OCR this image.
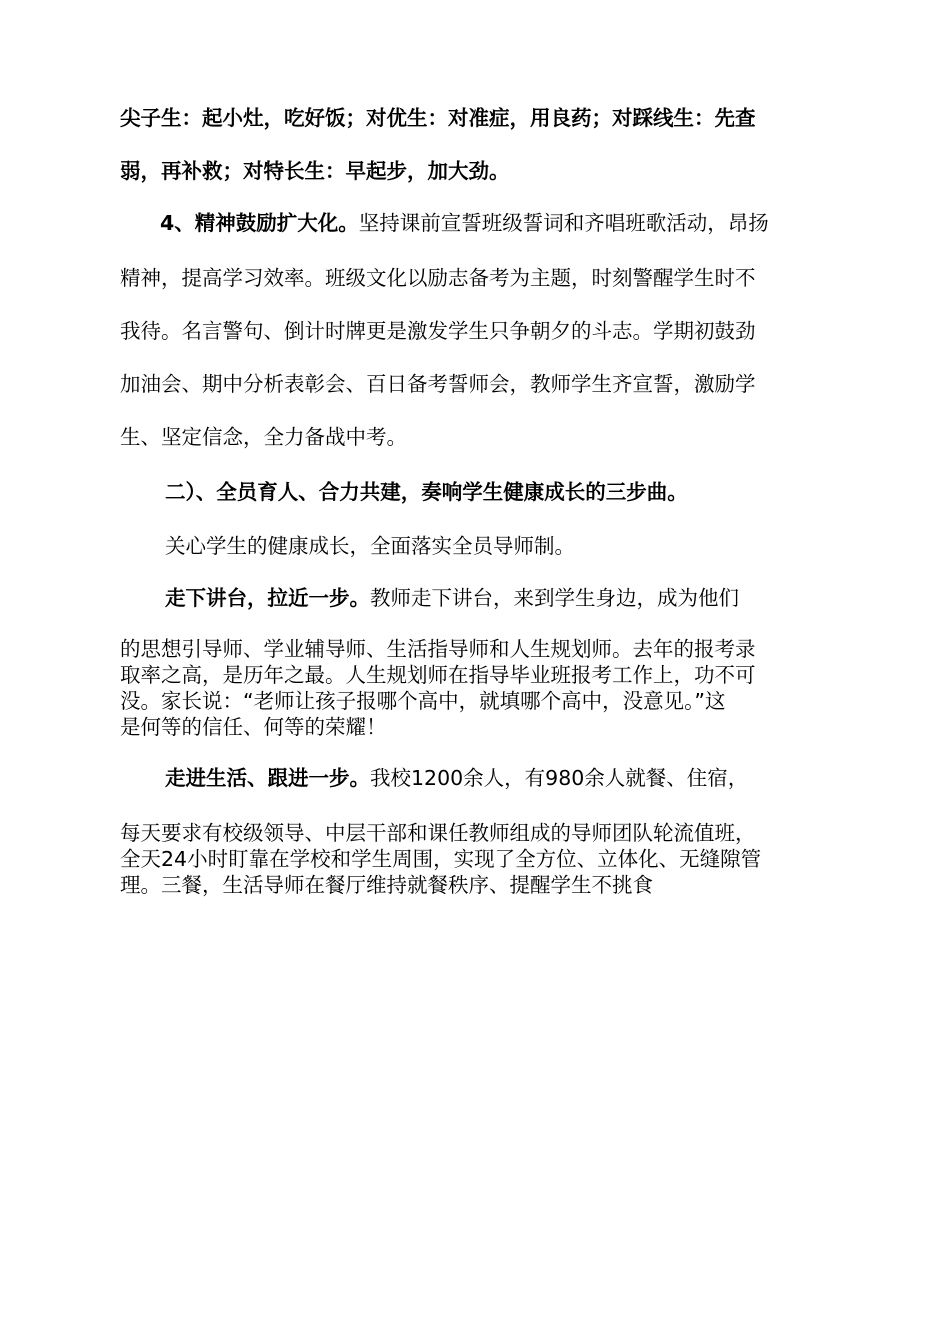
尖子生：起小灶，吃好饭；对优生：对准症，用良药；对踩线生：先查
弱，再补救；对特长生：早起步，加大劲。
4、精神鼓励扩大化。坚持课前宣誓班级誓词和齐唱班歌活动，昂扬
精神，提高学习效率。班级文化以励志备考为主题，时刻警醒学生时不
我待。名言警句、倒计时牌更是激发学生只争朝夕的斗志。学期初鼓劲
加油会、期中分析表彰会、百日备考誓师会，教师学生齐宣誓，激励学
生、坚定信念，全力备战中考。
二）、全员育人、合力共建，奏响学生健康成长的三步曲。
关心学生的健康成长，全面落实全员导师制。
走下讲台，拉近一步。教师走下讲台，来到学生身边，成为他们
的思想引导师、学业辅导师、生活指导师和人生规划师。去年的报考录
取率之高，是历年之最。人生规划师在指导毕业班报考工作上，功不可
没。家长说：“老师让孩子报哪个高中，就填哪个高中，没意见。”这
是何等的信任、何等的荣耀！
走进生活、跟进一步。我校1200余人，有980余人就餐、住宿，
每天要求有校级领导、中层干部和课任教师组成的导师团队轮流值班，
全天24小时盯靠在学校和学生周围，实现了全方位、立体化、无缝隙管
理。三餐，生活导师在餐厅维持就餐秩序、提醒学生不挑食
